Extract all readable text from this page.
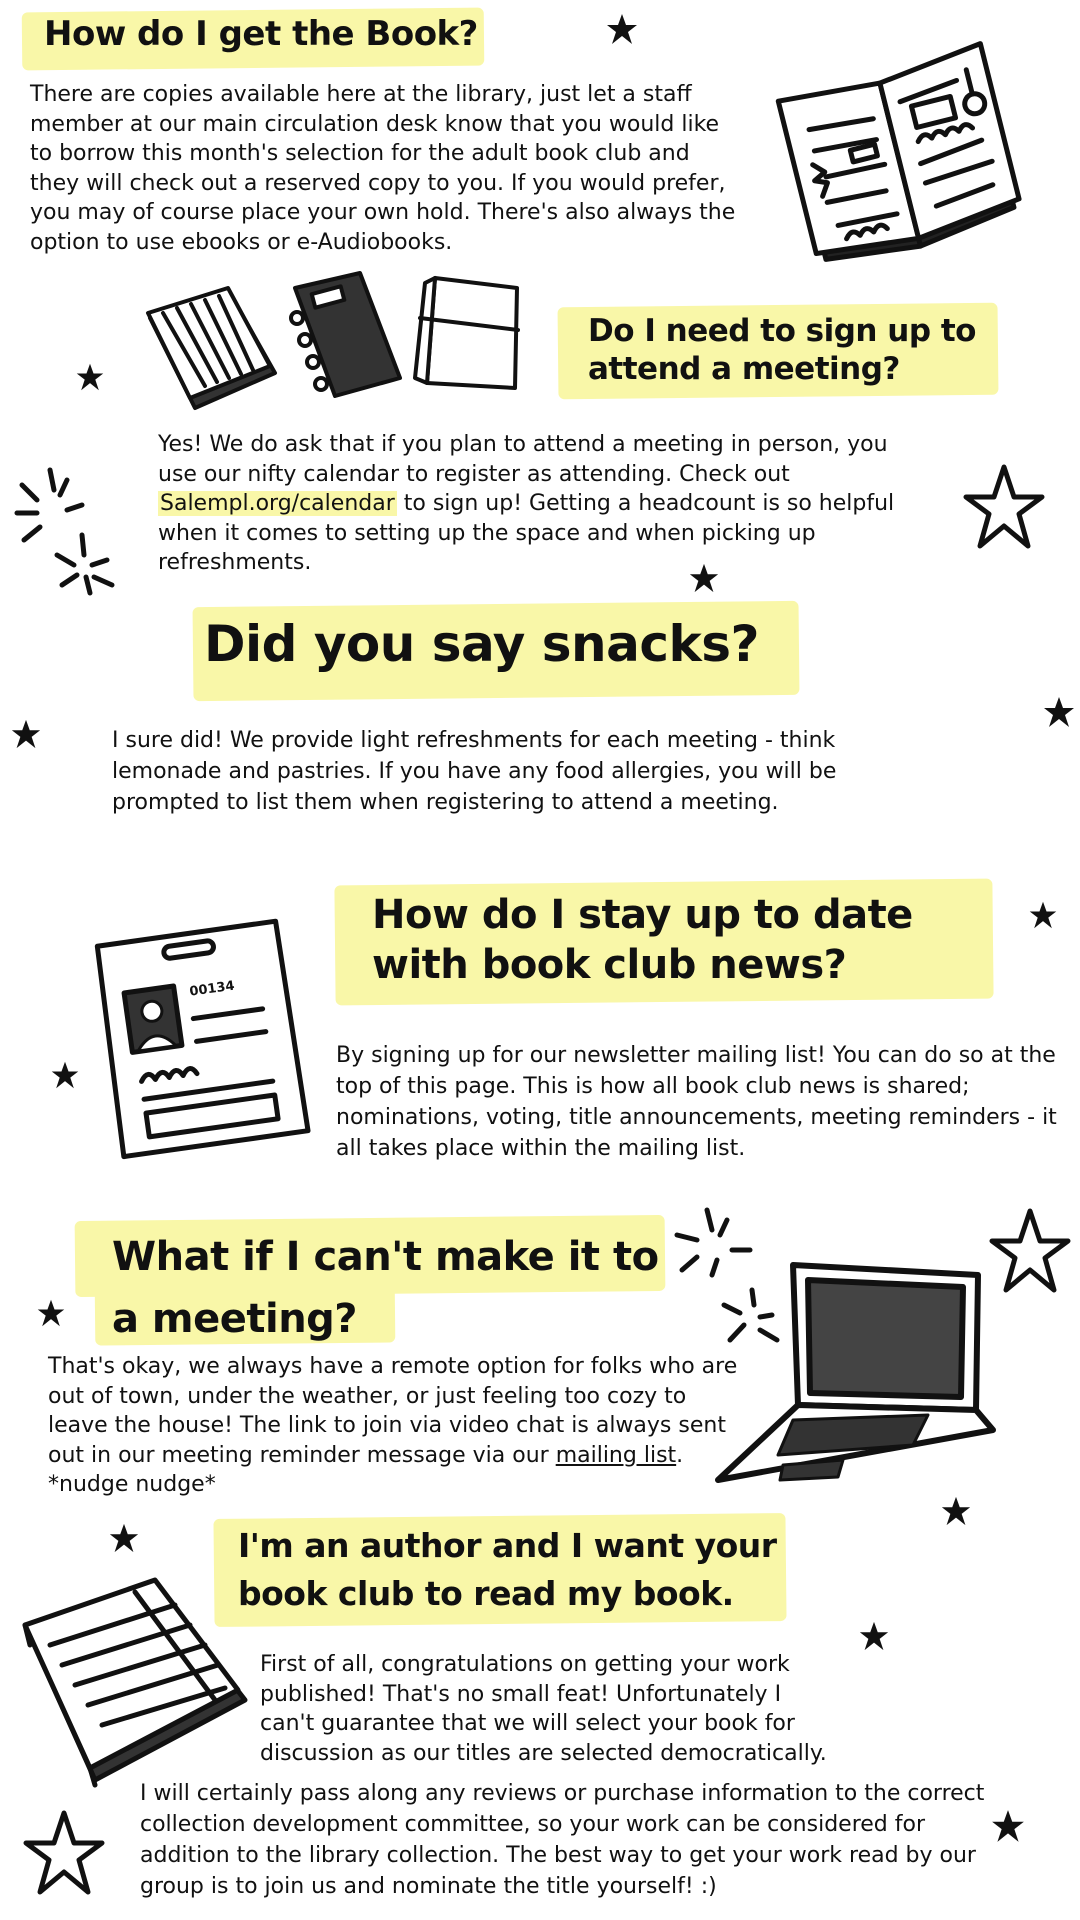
How do I get the Book?
There are copies available here at the library, just let a staff member at our main circulation desk know that you would like to borrow this month's selection for the adult book club and they will check out a reserved copy to you. If you would prefer, you may of course place your own hold. There's also always the option to use ebooks or e-Audiobooks.
Do I need to sign up to
attend a meeting?
Yes! We do ask that if you plan to attend a meeting in person, you use our nifty calendar to register as attending. Check out Salempl.org/calendar to sign up! Getting a headcount is so helpful when it comes to setting up the space and when picking up refreshments.
Did you say snacks?
I sure did! We provide light refreshments for each meeting - think lemonade and pastries. If you have any food allergies, you will be prompted to list them when registering to attend a meeting.
How do I stay up to date
with book club news?
00134
By signing up for our newsletter mailing list! You can do so at the top of this page. This is how all book club news is shared; nominations, voting, title announcements, meeting reminders - it all takes place within the mailing list.
What if I can't make it to
a meeting?
That's okay, we always have a remote option for folks who are out of town, under the weather, or just feeling too cozy to leave the house! The link to join via video chat is always sent out in our meeting reminder message via our mailing list.
*nudge nudge*
I'm an author and I want your
book club to read my book.
First of all, congratulations on getting your work published! That's no small feat! Unfortunately I can't guarantee that we will select your book for discussion as our titles are selected democratically.
I will certainly pass along any reviews or purchase information to the correct collection development committee, so your work can be considered for addition to the library collection. The best way to get your work read by our group is to join us and nominate the title yourself! :)
